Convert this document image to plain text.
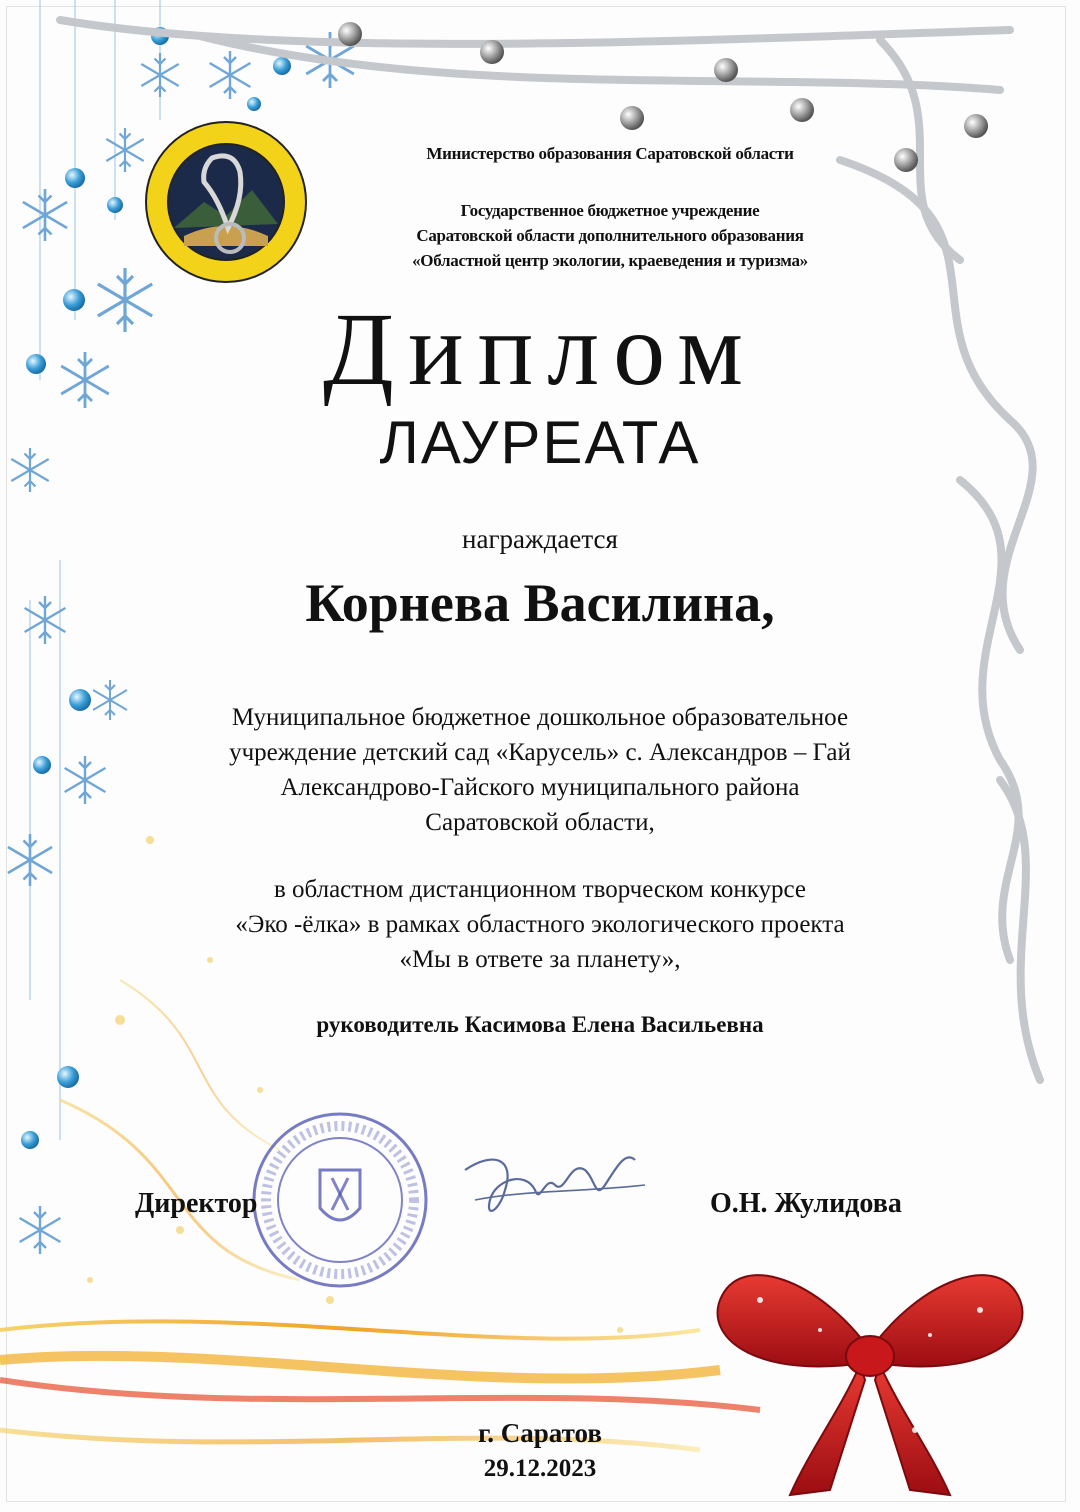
Министерство образования Саратовской области
Государственное бюджетное учреждение
Саратовской области дополнительного образования
«Областной центр экологии, краеведения и туризма»
Диплом
ЛАУРЕАТА
награждается
Корнева Василина,
Муниципальное бюджетное дошкольное образовательное
учреждение детский сад «Карусель» с. Александров – Гай
Александрово-Гайского муниципального района
Саратовской области,
в областном дистанционном творческом конкурсе
«Эко -ёлка» в рамках областного экологического проекта
«Мы в ответе за планету»,
руководитель Касимова Елена Васильевна
Директор	О.Н. Жулидова
г. Саратов
29.12.2023
